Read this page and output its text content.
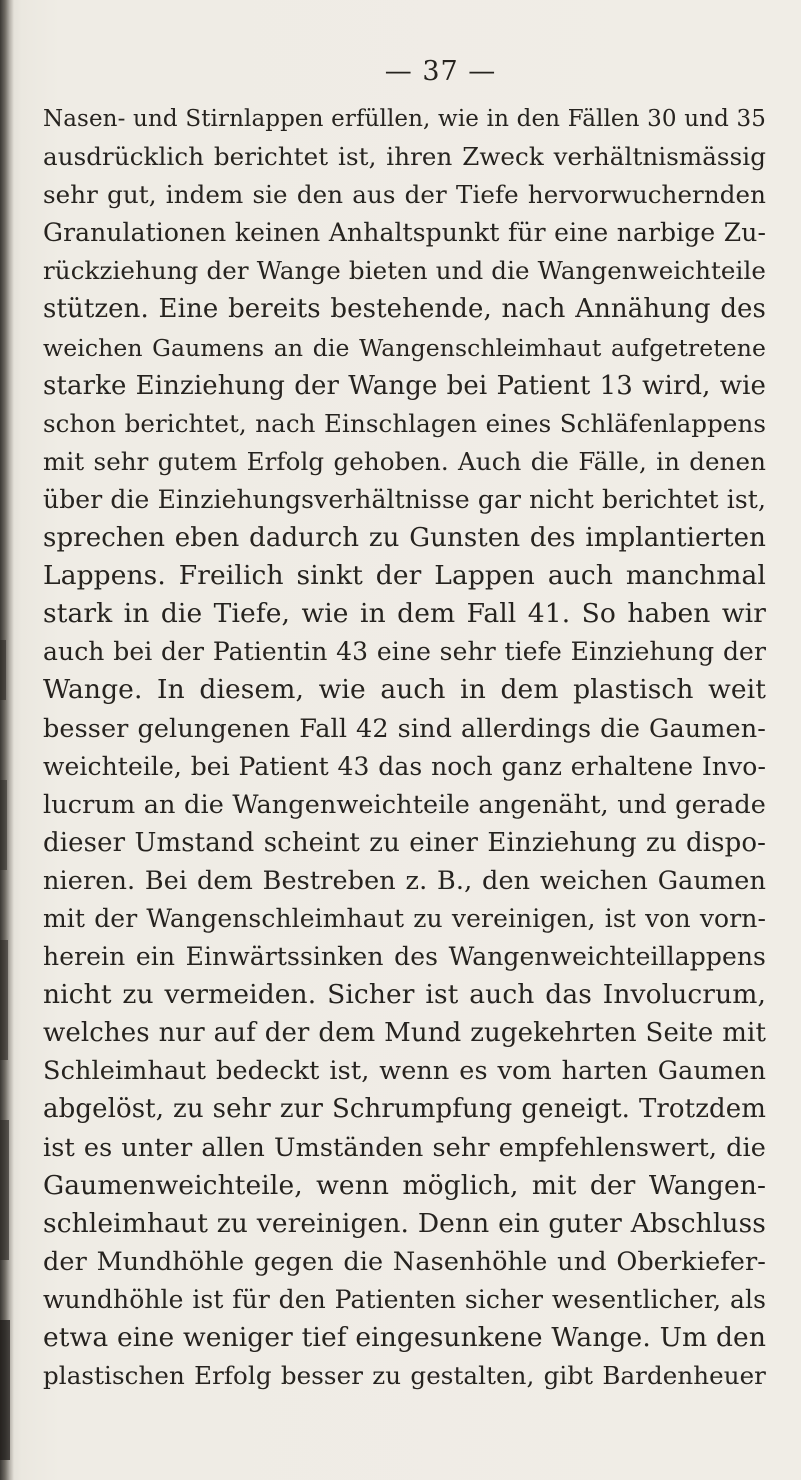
— 37 —
Nasen- und Stirnlappen erfüllen, wie in den Fällen 30 und 35
ausdrücklich berichtet ist, ihren Zweck verhältnismässig
sehr gut, indem sie den aus der Tiefe hervorwuchernden
Granulationen keinen Anhaltspunkt für eine narbige Zu-
rückziehung der Wange bieten und die Wangenweichteile
stützen. Eine bereits bestehende, nach Annähung des
weichen Gaumens an die Wangenschleimhaut aufgetretene
starke Einziehung der Wange bei Patient 13 wird, wie
schon berichtet, nach Einschlagen eines Schläfenlappens
mit sehr gutem Erfolg gehoben. Auch die Fälle, in denen
über die Einziehungsverhältnisse gar nicht berichtet ist,
sprechen eben dadurch zu Gunsten des implantierten
Lappens. Freilich sinkt der Lappen auch manchmal
stark in die Tiefe, wie in dem Fall 41. So haben wir
auch bei der Patientin 43 eine sehr tiefe Einziehung der
Wange. In diesem, wie auch in dem plastisch weit
besser gelungenen Fall 42 sind allerdings die Gaumen-
weichteile, bei Patient 43 das noch ganz erhaltene Invo-
lucrum an die Wangenweichteile angenäht, und gerade
dieser Umstand scheint zu einer Einziehung zu dispo-
nieren. Bei dem Bestreben z. B., den weichen Gaumen
mit der Wangenschleimhaut zu vereinigen, ist von vorn-
herein ein Einwärtssinken des Wangenweichteillappens
nicht zu vermeiden. Sicher ist auch das Involucrum,
welches nur auf der dem Mund zugekehrten Seite mit
Schleimhaut bedeckt ist, wenn es vom harten Gaumen
abgelöst, zu sehr zur Schrumpfung geneigt. Trotzdem
ist es unter allen Umständen sehr empfehlenswert, die
Gaumenweichteile, wenn möglich, mit der Wangen-
schleimhaut zu vereinigen. Denn ein guter Abschluss
der Mundhöhle gegen die Nasenhöhle und Oberkiefer-
wundhöhle ist für den Patienten sicher wesentlicher, als
etwa eine weniger tief eingesunkene Wange. Um den
plastischen Erfolg besser zu gestalten, gibt Bardenheuer
